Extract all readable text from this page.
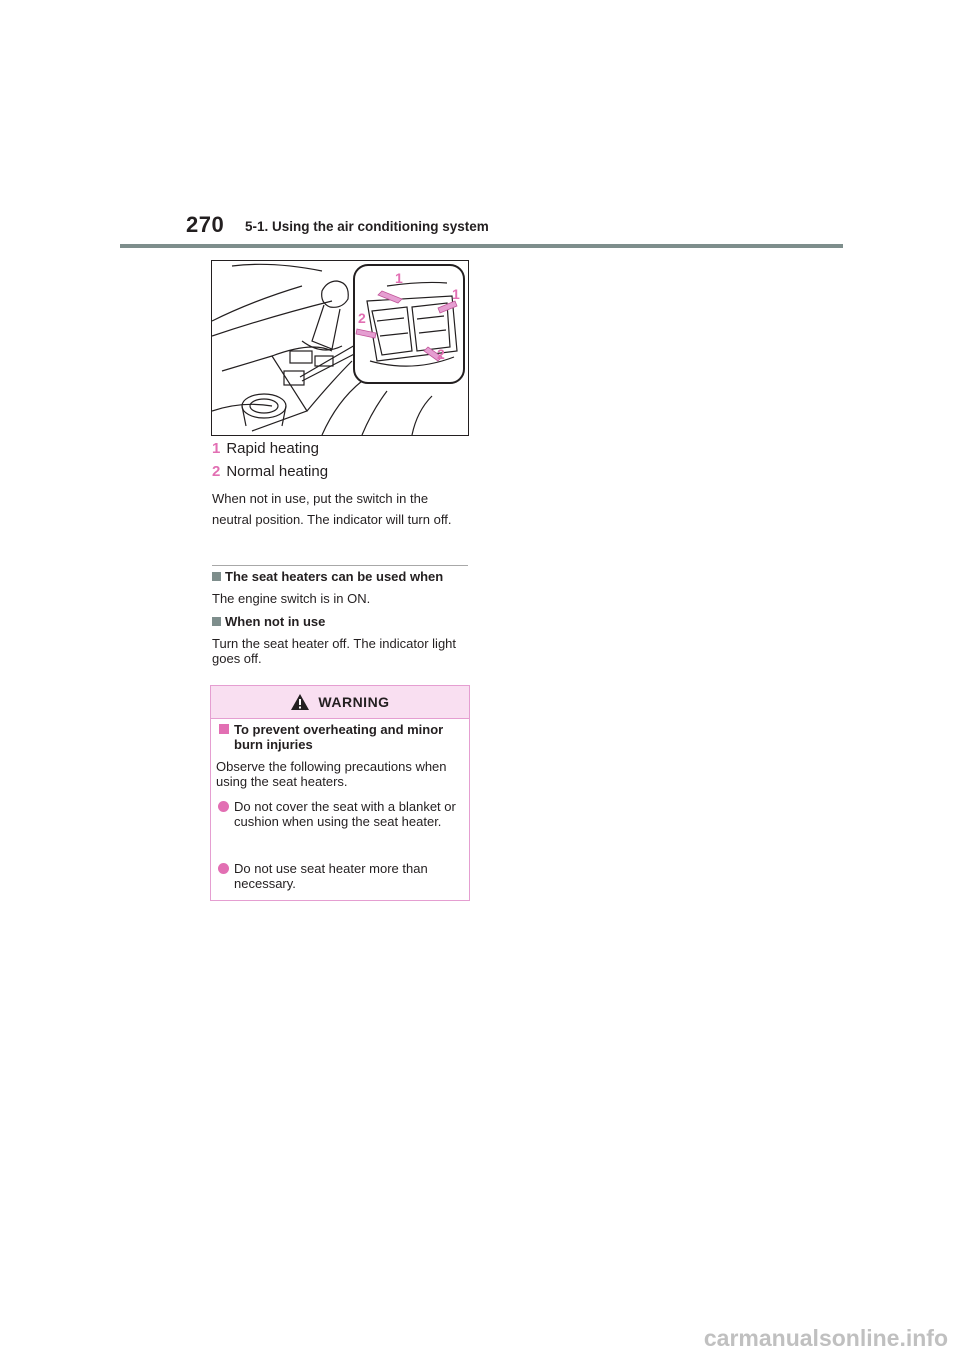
270 5-1. Using the air conditioning system
1
1
2
2
1 Rapid heating
2 Normal heating
When not in use, put the switch in the neutral position. The indicator will turn off.
The seat heaters can be used when
The engine switch is in ON.
When not in use
Turn the seat heater off. The indicator light goes off.
WARNING
To prevent overheating and minor burn injuries
Observe the following precautions when using the seat heaters.
Do not cover the seat with a blanket or cushion when using the seat heater.
Do not use seat heater more than necessary.
carmanualsonline.info
